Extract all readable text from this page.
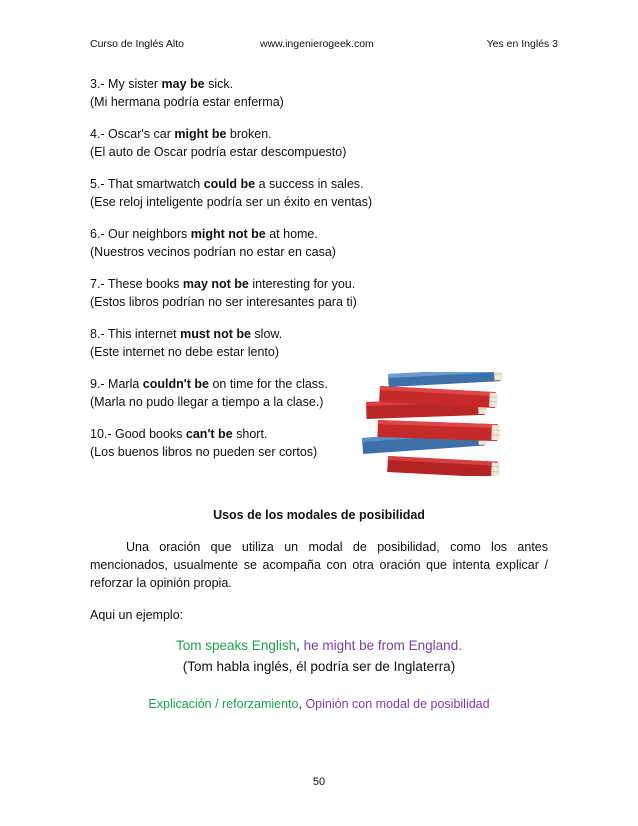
Curso de Inglés Alto	www.ingenierogeek.com	Yes en Inglés 3

3.- My sister may be sick.

(Mi hermana podría estar enferma)

4.- Oscar's car might be broken.

(El auto de Oscar podría estar descompuesto)

5.- That smartwatch could be a success in sales.

(Ese reloj inteligente podría ser un éxito en ventas)

6.- Our neighbors might not be at home.

(Nuestros vecinos podrían no estar en casa)

7.- These books may not be interesting for you.

(Estos libros podrían no ser interesantes para ti)

8.- This internet must not be slow.

(Este internet no debe estar lento)

9.- Marla couldn't be on time for the class.

(Marla no pudo llegar a tiempo a la clase.)

10.- Good books can't be short.

(Los buenos libros no pueden ser cortos)

Usos de los modales de posibilidad

Una oración que utiliza un modal de posibilidad, como los antes mencionados, usualmente se acompaña con otra oración que intenta explicar / reforzar la opinión propia.

Aqui un ejemplo:

Tom speaks English, he might be from England.

(Tom habla inglés, él podría ser de Inglaterra)

Explicación / reforzamiento, Opinión con modal de posibilidad

50
